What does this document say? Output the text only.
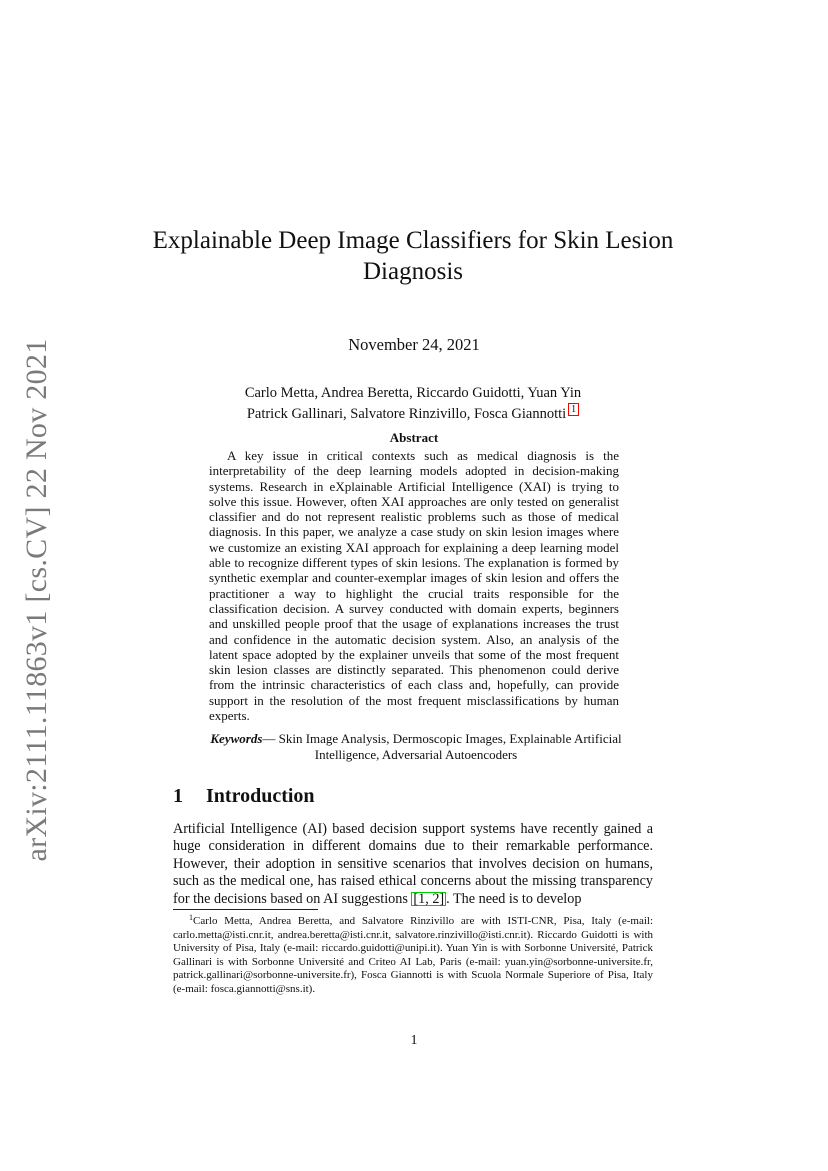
arXiv:2111.11863v1 [cs.CV] 22 Nov 2021
Explainable Deep Image Classifiers for Skin Lesion Diagnosis
November 24, 2021
Carlo Metta, Andrea Beretta, Riccardo Guidotti, Yuan Yin
Patrick Gallinari, Salvatore Rinzivillo, Fosca Giannotti 1
Abstract

A key issue in critical contexts such as medical diagnosis is the interpretability of the deep learning models adopted in decision-making systems. Research in eXplainable Artificial Intelligence (XAI) is trying to solve this issue. However, often XAI approaches are only tested on generalist classifier and do not represent realistic problems such as those of medical diagnosis. In this paper, we analyze a case study on skin lesion images where we customize an existing XAI approach for explaining a deep learning model able to recognize different types of skin lesions. The explanation is formed by synthetic exemplar and counter-exemplar images of skin lesion and offers the practitioner a way to highlight the crucial traits responsible for the classification decision. A survey conducted with domain experts, beginners and unskilled people proof that the usage of explanations increases the trust and confidence in the automatic decision system. Also, an analysis of the latent space adopted by the explainer unveils that some of the most frequent skin lesion classes are distinctly separated. This phenomenon could derive from the intrinsic characteristics of each class and, hopefully, can provide support in the resolution of the most frequent misclassifications by human experts.

Keywords— Skin Image Analysis, Dermoscopic Images, Explainable Artificial Intelligence, Adversarial Autoencoders
1 Introduction

Artificial Intelligence (AI) based decision support systems have recently gained a huge consideration in different domains due to their remarkable performance. However, their adoption in sensitive scenarios that involves decision on humans, such as the medical one, has raised ethical concerns about the missing transparency for the decisions based on AI suggestions [1, 2] . The need is to develop

$^1$Carlo Metta, Andrea Beretta, and Salvatore Rinzivillo are with ISTI-CNR, Pisa, Italy (e-mail: carlo.metta@isti.cnr.it, andrea.beretta@isti.cnr.it, salvatore.rinzivillo@isti.cnr.it). Riccardo Guidotti is with University of Pisa, Italy (e-mail: riccardo.guidotti@unipi.it). Yuan Yin is with Sorbonne Université, Patrick Gallinari is with Sorbonne Université and Criteo AI Lab, Paris (e-mail: yuan.yin@sorbonne-universite.fr, patrick.gallinari@sorbonne-universite.fr), Fosca Giannotti is with Scuola Normale Superiore of Pisa, Italy (e-mail: fosca.giannotti@sns.it).

1
